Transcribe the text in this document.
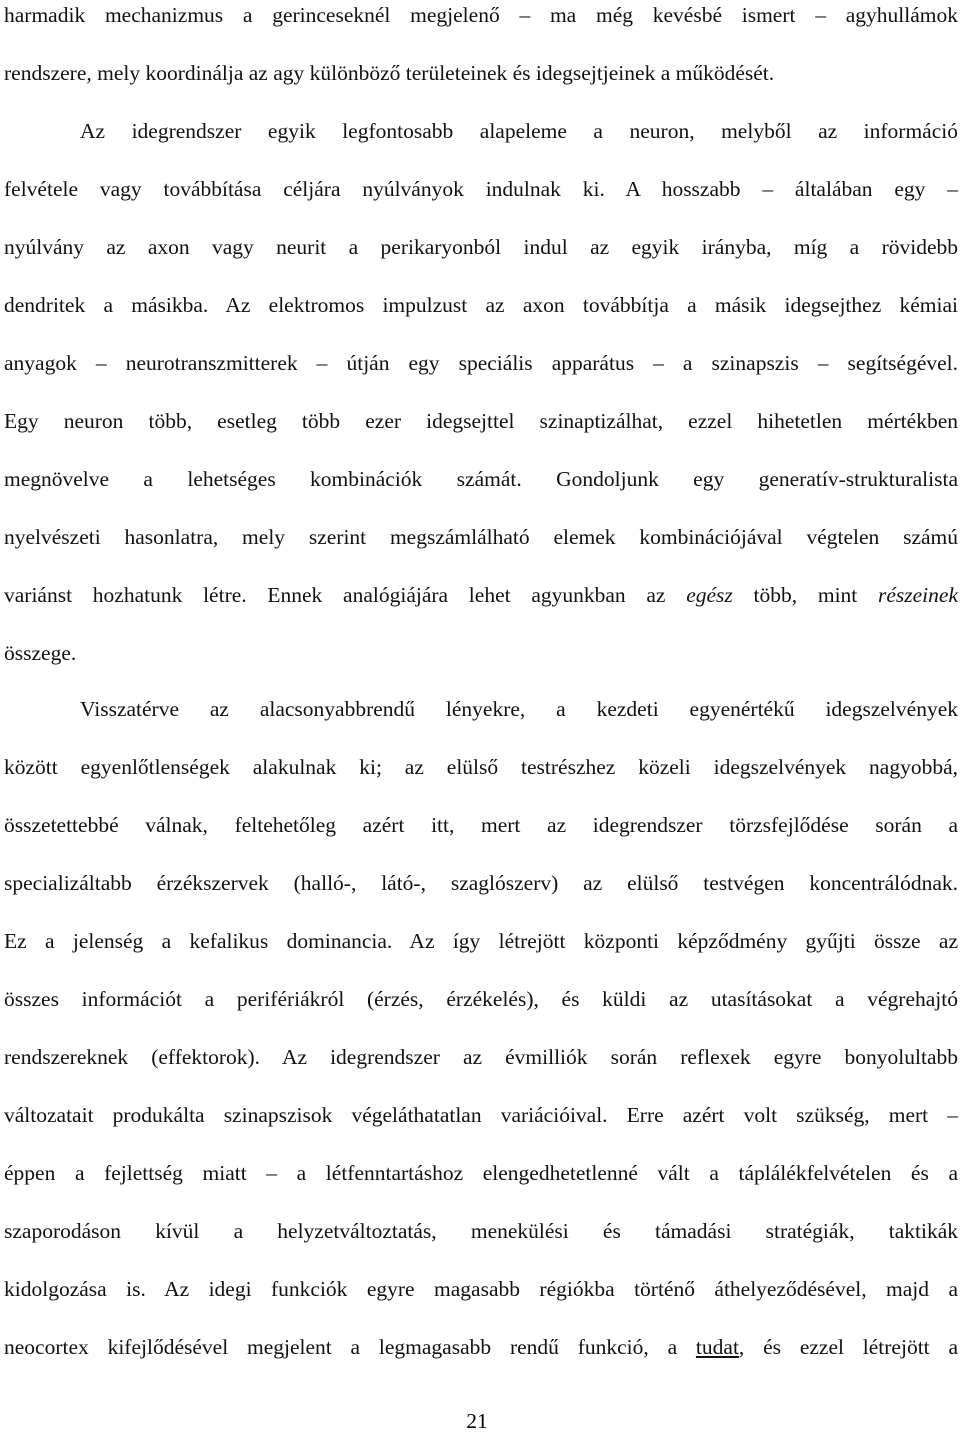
harmadik mechanizmus a gerinceseknél megjelenő – ma még kevésbé ismert – agyhullámok
rendszere, mely koordinálja az agy különböző területeinek és idegsejtjeinek a működését.
Az idegrendszer egyik legfontosabb alapeleme a neuron, melyből az információ
felvétele vagy továbbítása céljára nyúlványok indulnak ki. A hosszabb – általában egy –
nyúlvány az axon vagy neurit a perikaryonból indul az egyik irányba, míg a rövidebb
dendritek a másikba. Az elektromos impulzust az axon továbbítja a másik idegsejthez kémiai
anyagok – neurotranszmitterek – útján egy speciális apparátus – a szinapszis – segítségével.
Egy neuron több, esetleg több ezer idegsejttel szinaptizálhat, ezzel hihetetlen mértékben
megnövelve a lehetséges kombinációk számát. Gondoljunk egy generatív-strukturalista
nyelvészeti hasonlatra, mely szerint megszámlálható elemek kombinációjával végtelen számú
variánst hozhatunk létre. Ennek analógiájára lehet agyunkban az egész több, mint részeinek
összege.
Visszatérve az alacsonyabbrendű lényekre, a kezdeti egyenértékű idegszelvények
között egyenlőtlenségek alakulnak ki; az elülső testrészhez közeli idegszelvények nagyobbá,
összetettebbé válnak, feltehetőleg azért itt, mert az idegrendszer törzsfejlődése során a
specializáltabb érzékszervek (halló-, látó-, szaglószerv) az elülső testvégen koncentrálódnak.
Ez a jelenség a kefalikus dominancia. Az így létrejött központi képződmény gyűjti össze az
összes információt a perifériákról (érzés, érzékelés), és küldi az utasításokat a végrehajtó
rendszereknek (effektorok). Az idegrendszer az évmilliók során reflexek egyre bonyolultabb
változatait produkálta szinapszisok végeláthatatlan variációival. Erre azért volt szükség, mert –
éppen a fejlettség miatt – a létfenntartáshoz elengedhetetlenné vált a táplálékfelvételen és a
szaporodáson kívül a helyzetváltoztatás, menekülési és támadási stratégiák, taktikák
kidolgozása is. Az idegi funkciók egyre magasabb régiókba történő áthelyeződésével, majd a
neocortex kifejlődésével megjelent a legmagasabb rendű funkció, a tudat, és ezzel létrejött a
21
